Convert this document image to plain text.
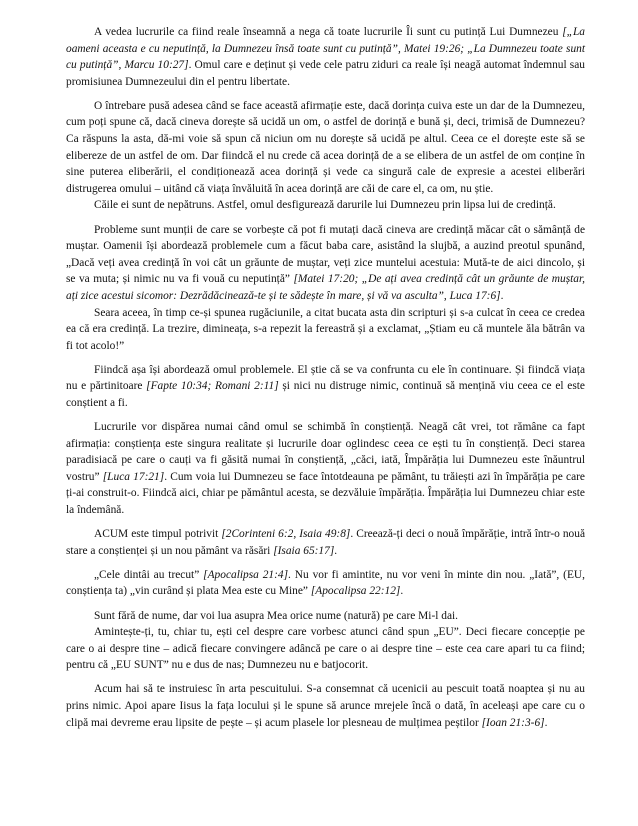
A vedea lucrurile ca fiind reale înseamnă a nega că toate lucrurile Îi sunt cu putință Lui Dumnezeu [„La oameni aceasta e cu neputință, la Dumnezeu însă toate sunt cu putință”, Matei 19:26; „La Dumnezeu toate sunt cu putință”, Marcu 10:27]. Omul care e deținut și vede cele patru ziduri ca reale își neagă automat îndemnul sau promisiunea Dumnezeului din el pentru libertate.

O întrebare pusă adesea când se face această afirmație este, dacă dorința cuiva este un dar de la Dumnezeu, cum poți spune că, dacă cineva dorește să ucidă un om, o astfel de dorință e bună și, deci, trimisă de Dumnezeu? Ca răspuns la asta, dă-mi voie să spun că niciun om nu dorește să ucidă pe altul. Ceea ce el dorește este să se elibereze de un astfel de om. Dar fiindcă el nu crede că acea dorință de a se elibera de un astfel de om conține în sine puterea eliberării, el condiționează acea dorință și vede ca singură cale de expresie a acestei eliberări distrugerea omului – uitând că viața învăluită în acea dorință are căi de care el, ca om, nu știe.

Căile ei sunt de nepătruns. Astfel, omul desfigurează darurile lui Dumnezeu prin lipsa lui de credință.

Probleme sunt munții de care se vorbește că pot fi mutați dacă cineva are credință măcar cât o sămânță de muștar. Oamenii își abordează problemele cum a făcut baba care, asistând la slujbă, a auzind preotul spunând, „Dacă veți avea credință în voi cât un grăunte de muștar, veți zice muntelui acestuia: Mută-te de aici dincolo, și se va muta; și nimic nu va fi vouă cu neputință” [Matei 17:20; „De ați avea credință cât un grăunte de muștar, ați zice acestui sicomor: Dezrădăcinează-te și te sădește în mare, și vă va asculta”, Luca 17:6].

Seara aceea, în timp ce-și spunea rugăciunile, a citat bucata asta din scripturi și s-a culcat în ceea ce credea ea că era credință. La trezire, dimineața, s-a repezit la fereastră și a exclamat, „Știam eu că muntele ăla bătrân va fi tot acolo!”

Fiindcă așa își abordează omul problemele. El știe că se va confrunta cu ele în continuare. Și fiindcă viața nu e părtinitoare [Fapte 10:34; Romani 2:11] și nici nu distruge nimic, continuă să mențină viu ceea ce el este conștient a fi.

Lucrurile vor dispărea numai când omul se schimbă în conștiență. Neagă cât vrei, tot rămâne ca fapt afirmația: conștiența este singura realitate și lucrurile doar oglindesc ceea ce ești tu în conștiență. Deci starea paradisiacă pe care o cauți va fi găsită numai în conștiență, „căci, iată, Împărăția lui Dumnezeu este înăuntrul vostru” [Luca 17:21]. Cum voia lui Dumnezeu se face întotdeauna pe pământ, tu trăiești azi în împărăția pe care ți-ai construit-o. Fiindcă aici, chiar pe pământul acesta, se dezvăluie împărăția. Împărăția lui Dumnezeu chiar este la îndemână.

ACUM este timpul potrivit [2Corinteni 6:2, Isaia 49:8]. Creează-ți deci o nouă împărăție, intră într-o nouă stare a conștienței și un nou pământ va răsări [Isaia 65:17].

„Cele dintâi au trecut” [Apocalipsa 21:4]. Nu vor fi amintite, nu vor veni în minte din nou. „Iată”, (EU, conștiența ta) „vin curând și plata Mea este cu Mine” [Apocalipsa 22:12].

Sunt fără de nume, dar voi lua asupra Mea orice nume (natură) pe care Mi-l dai.

Amintește-ți, tu, chiar tu, ești cel despre care vorbesc atunci când spun „EU”. Deci fiecare concepție pe care o ai despre tine – adică fiecare convingere adâncă pe care o ai despre tine – este cea care apari tu ca fiind; pentru că „EU SUNT” nu e dus de nas; Dumnezeu nu e batjocorit.

Acum hai să te instruiesc în arta pescuitului. S-a consemnat că ucenicii au pescuit toată noaptea și nu au prins nimic. Apoi apare Iisus la fața locului și le spune să arunce mrejele încă o dată, în aceleași ape care cu o clipă mai devreme erau lipsite de pește – și acum plasele lor plesneau de mulțimea peștilor [Ioan 21:3-6].
